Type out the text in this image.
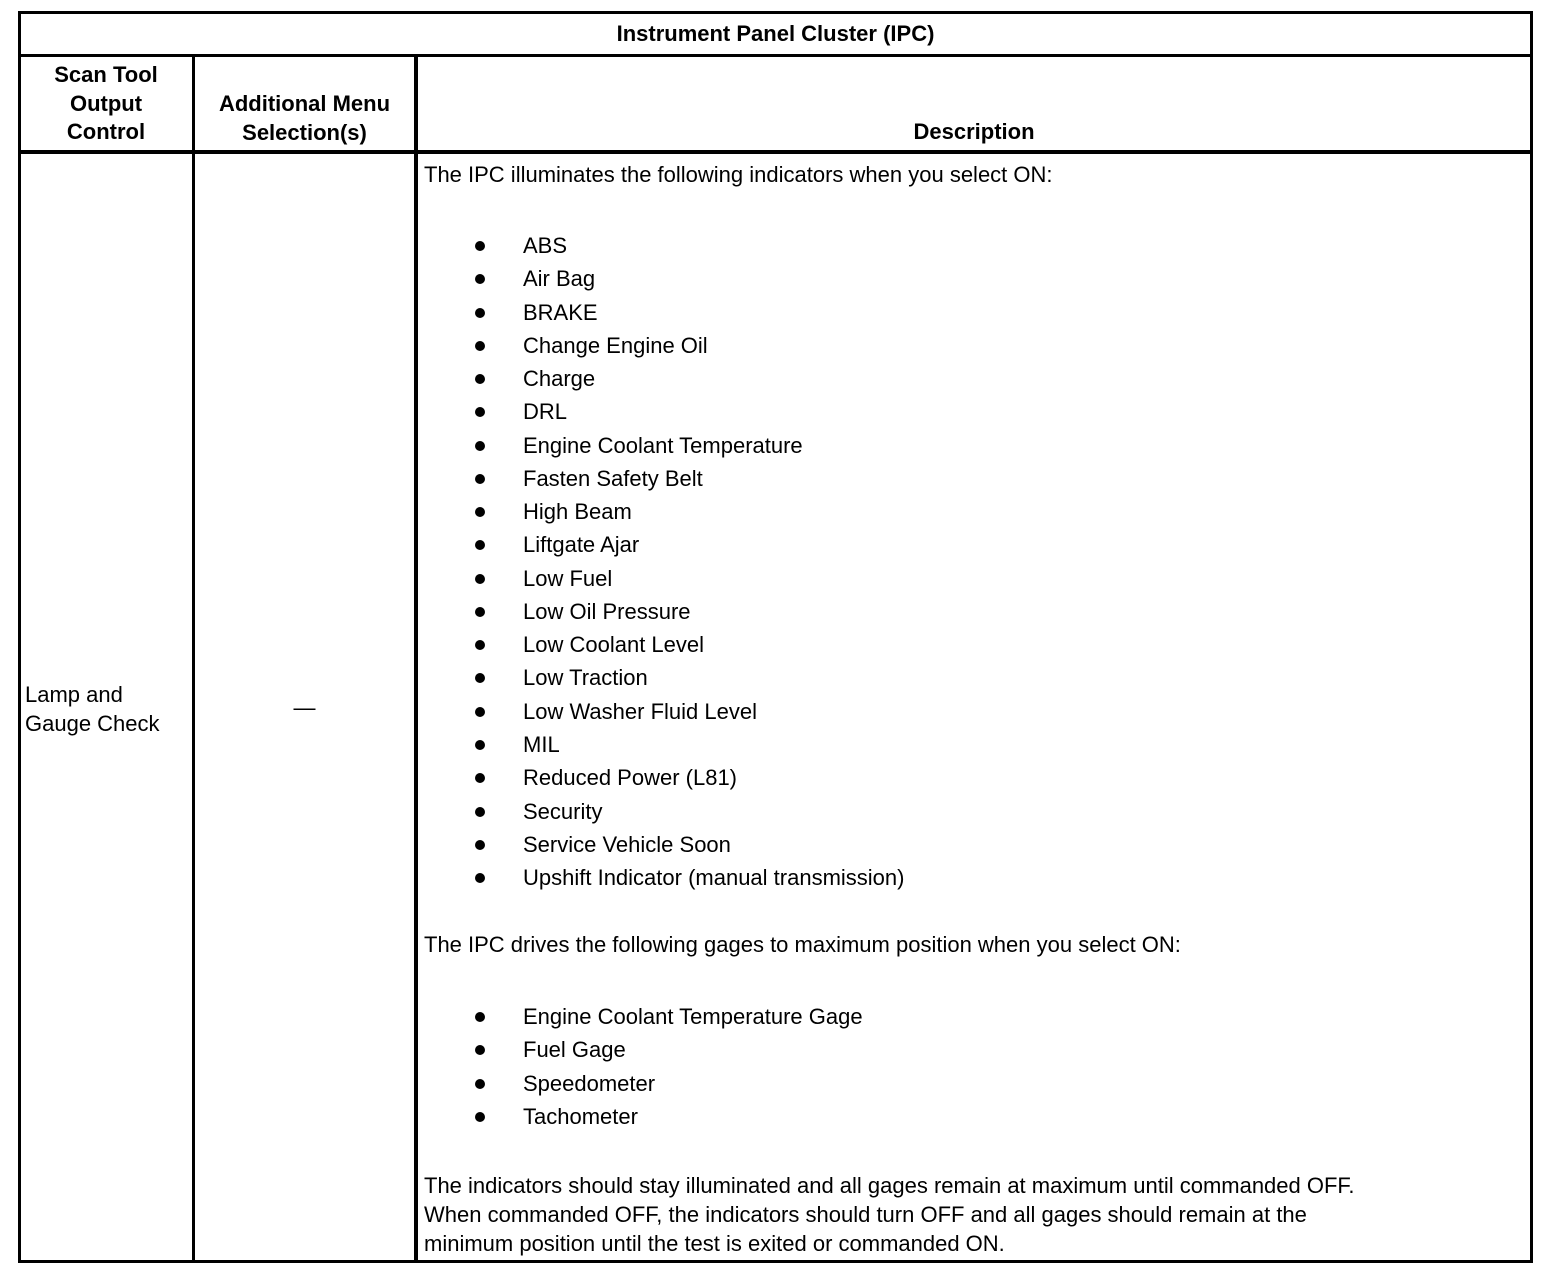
Instrument Panel Cluster (IPC)
Scan Tool
Output
Control
Additional Menu
Selection(s)	Description
Lamp and
Gauge Check
—
The IPC illuminates the following indicators when you select ON:
ABS
Air Bag
BRAKE
Change Engine Oil
Charge
DRL
Engine Coolant Temperature
Fasten Safety Belt
High Beam
Liftgate Ajar
Low Fuel
Low Oil Pressure
Low Coolant Level
Low Traction
Low Washer Fluid Level
MIL
Reduced Power (L81)
Security
Service Vehicle Soon
Upshift Indicator (manual transmission)
The IPC drives the following gages to maximum position when you select ON:
Engine Coolant Temperature Gage
Fuel Gage
Speedometer
Tachometer
The indicators should stay illuminated and all gages remain at maximum until commanded OFF.
When commanded OFF, the indicators should turn OFF and all gages should remain at the
minimum position until the test is exited or commanded ON.
